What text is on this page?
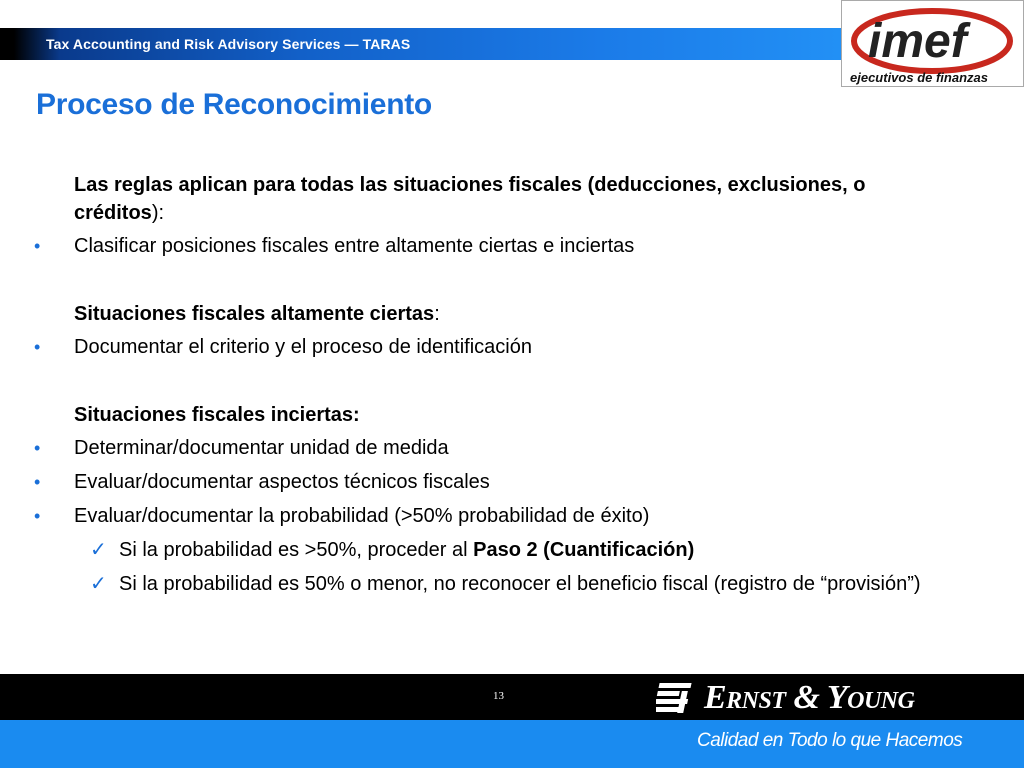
Tax Accounting and Risk Advisory Services — TARAS	imef
ejecutivos de finanzas
Proceso de Reconocimiento
Las reglas aplican para todas las situaciones fiscales (deducciones, exclusiones, o
créditos):
• Clasificar posiciones fiscales entre altamente ciertas e inciertas
Situaciones fiscales altamente ciertas:
• Documentar el criterio y el proceso de identificación
Situaciones fiscales inciertas:
• Determinar/documentar unidad de medida
• Evaluar/documentar aspectos técnicos fiscales
• Evaluar/documentar la probabilidad (>50% probabilidad de éxito)
✓ Si la probabilidad es >50%, proceder al Paso 2 (Cuantificación)
✓ Si la probabilidad es 50% o menor, no reconocer el beneficio fiscal (registro de “provisión”)
13	Ernst & Young
Calidad en Todo lo que Hacemos
